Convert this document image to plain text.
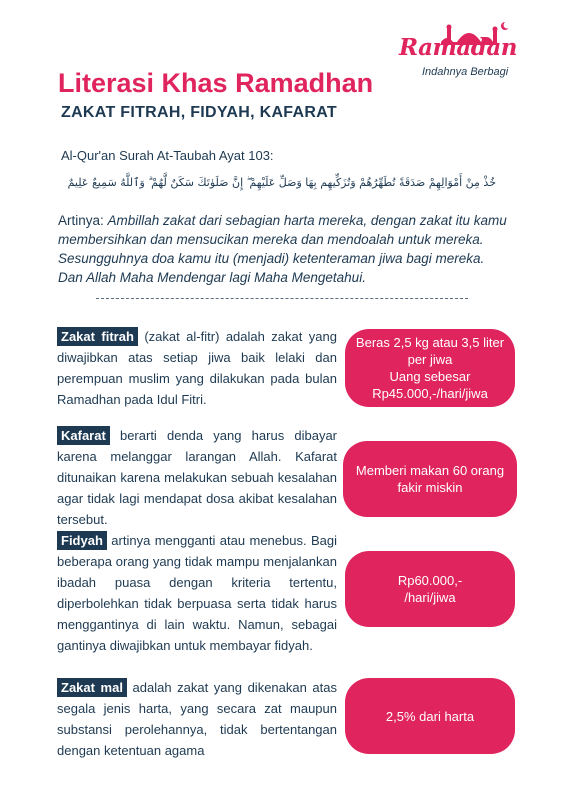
Ramadan
Indahnya Berbagi
Literasi Khas Ramadhan
ZAKAT FITRAH, FIDYAH, KAFARAT
Al-Qur'an Surah At-Taubah Ayat 103:
خُذْ مِنْ أَمْوَالِهِمْ صَدَقَةً تُطَهِّرُهُمْ وَتُزَكِّيهِم بِهَا وَصَلِّ عَلَيْهِمْ ۖ إِنَّ صَلَوٰتَكَ سَكَنٌ لَّهُمْ ۗ وَٱللَّهُ سَمِيعٌ عَلِيمٌ
Artinya: Ambillah zakat dari sebagian harta mereka, dengan zakat itu kamu membersihkan dan mensucikan mereka dan mendoalah untuk mereka. Sesungguhnya doa kamu itu (menjadi) ketenteraman jiwa bagi mereka. Dan Allah Maha Mendengar lagi Maha Mengetahui.
Zakat fitrah (zakat al-fitr) adalah zakat yang diwajibkan atas setiap jiwa baik lelaki dan perempuan muslim yang dilakukan pada bulan Ramadhan pada Idul Fitri.
Beras 2,5 kg atau 3,5 liter per jiwa
Uang sebesar Rp45.000,-/hari/jiwa
Kafarat berarti denda yang harus dibayar karena melanggar larangan Allah. Kafarat ditunaikan karena melakukan sebuah kesalahan agar tidak lagi mendapat dosa akibat kesalahan tersebut.
Memberi makan 60 orang fakir miskin
Fidyah artinya mengganti atau menebus. Bagi beberapa orang yang tidak mampu menjalankan ibadah puasa dengan kriteria tertentu, diperbolehkan tidak berpuasa serta tidak harus menggantinya di lain waktu. Namun, sebagai gantinya diwajibkan untuk membayar fidyah.
Rp60.000,-
/hari/jiwa
Zakat mal adalah zakat yang dikenakan atas segala jenis harta, yang secara zat maupun substansi perolehannya, tidak bertentangan dengan ketentuan agama
2,5% dari harta
